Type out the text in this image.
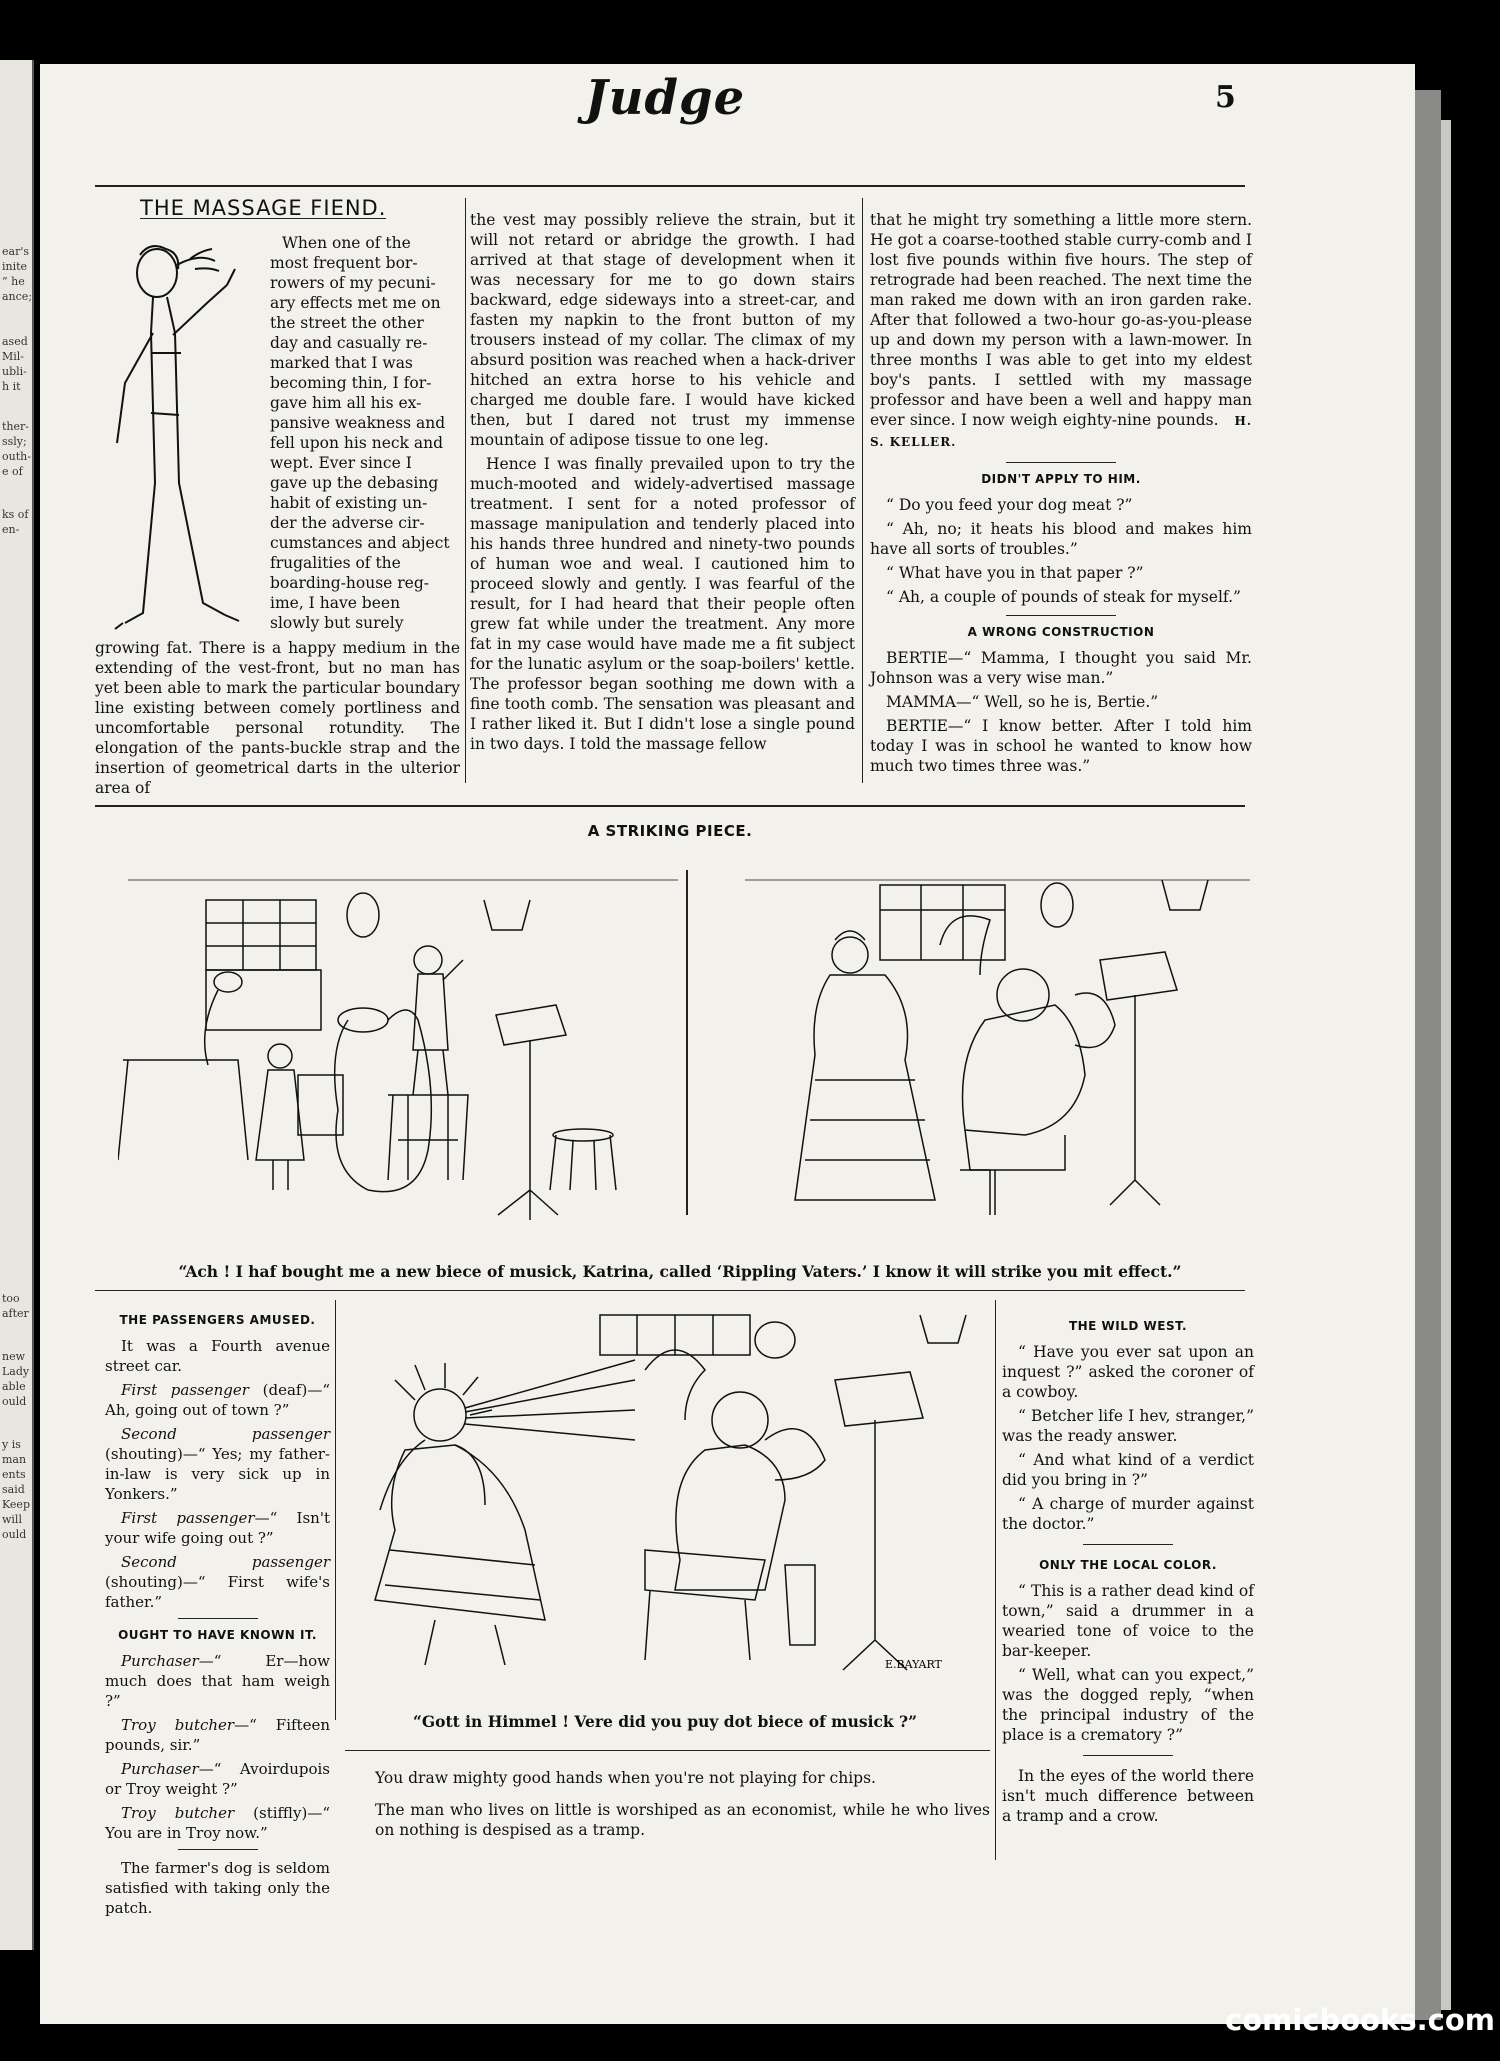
ear's
inite
” he
ance;
ased
Mil-
ubli-
h it
ther-
ssly;
outh-
e of
ks of
en-
too
after
new
Lady
able
ould
y is
man
ents
said
Keep
will
ould
Judge	5
THE MASSAGE FIEND.
When one of the
most frequent bor-
rowers of my pecuni-
ary effects met me on
the street the other
day and casually re-
marked that I was
becoming thin, I for-
gave him all his ex-
pansive weakness and
fell upon his neck and
wept. Ever since I
gave up the debasing
habit of existing un-
der the adverse cir-
cumstances and abject
frugalities of the
boarding-house reg-
ime, I have been
slowly but surely

growing fat. There is a happy medium in the extending of the vest-front, but no man has yet been able to mark the particular boundary line existing between comely portliness and uncomfortable personal rotundity. The elongation of the pants-buckle strap and the insertion of geometrical darts in the ulterior area of

the vest may possibly relieve the strain, but it will not retard or abridge the growth. I had arrived at that stage of development when it was necessary for me to go down stairs backward, edge sideways into a street-car, and fasten my napkin to the front button of my trousers instead of my collar. The climax of my absurd position was reached when a hack-driver hitched an extra horse to his vehicle and charged me double fare. I would have kicked then, but I dared not trust my immense mountain of adipose tissue to one leg.

Hence I was finally prevailed upon to try the much-mooted and widely-advertised massage treatment. I sent for a noted professor of massage manipulation and tenderly placed into his hands three hundred and ninety-two pounds of human woe and weal. I cautioned him to proceed slowly and gently. I was fearful of the result, for I had heard that their people often grew fat while under the treatment. Any more fat in my case would have made me a fit subject for the lunatic asylum or the soap-boilers' kettle. The professor began soothing me down with a fine tooth comb. The sensation was pleasant and I rather liked it. But I didn't lose a single pound in two days. I told the massage fellow

that he might try something a little more stern. He got a coarse-toothed stable curry-comb and I lost five pounds within five hours. The step of retrograde had been reached. The next time the man raked me down with an iron garden rake. After that followed a two-hour go-as-you-please up and down my person with a lawn-mower. In three months I was able to get into my eldest boy's pants. I settled with my massage professor and have been a well and happy man ever since. I now weigh eighty-nine pounds. H. S. KELLER.

DIDN'T APPLY TO HIM.

“ Do you feed your dog meat ?”

“ Ah, no; it heats his blood and makes him have all sorts of troubles.”

“ What have you in that paper ?”

“ Ah, a couple of pounds of steak for myself.”

A WRONG CONSTRUCTION

BERTIE—“ Mamma, I thought you said Mr. Johnson was a very wise man.”

MAMMA—“ Well, so he is, Bertie.”

BERTIE—“ I know better. After I told him today I was in school he wanted to know how much two times three was.”

A STRIKING PIECE.
“Ach ! I haf bought me a new biece of musick, Katrina, called ‘Rippling Vaters.’ I know it will strike you mit effect.”
THE PASSENGERS AMUSED.

It was a Fourth avenue street car.

First passenger (deaf)—“ Ah, going out of town ?”

Second passenger (shouting)—“ Yes; my father-in-law is very sick up in Yonkers.”

First passenger—“ Isn't your wife going out ?”

Second passenger (shouting)—“ First wife's father.”

OUGHT TO HAVE KNOWN IT.

Purchaser—“ Er—how much does that ham weigh ?”

Troy butcher—“ Fifteen pounds, sir.”

Purchaser—“ Avoirdupois or Troy weight ?”

Troy butcher (stiffly)—“ You are in Troy now.”

The farmer's dog is seldom satisfied with taking only the patch.

E.BAYART
“Gott in Himmel ! Vere did you puy dot biece of musick ?”

You draw mighty good hands when you're not playing for chips.

The man who lives on little is worshiped as an economist, while he who lives on nothing is despised as a tramp.

THE WILD WEST.

“ Have you ever sat upon an inquest ?” asked the coroner of a cowboy.

“ Betcher life I hev, stranger,” was the ready answer.

“ And what kind of a verdict did you bring in ?”

“ A charge of murder against the doctor.”

ONLY THE LOCAL COLOR.

“ This is a rather dead kind of town,” said a drummer in a wearied tone of voice to the bar-keeper.

“ Well, what can you expect,” was the dogged reply, “when the principal industry of the place is a crematory ?”

In the eyes of the world there isn't much difference between a tramp and a crow.

comicbooks.com
